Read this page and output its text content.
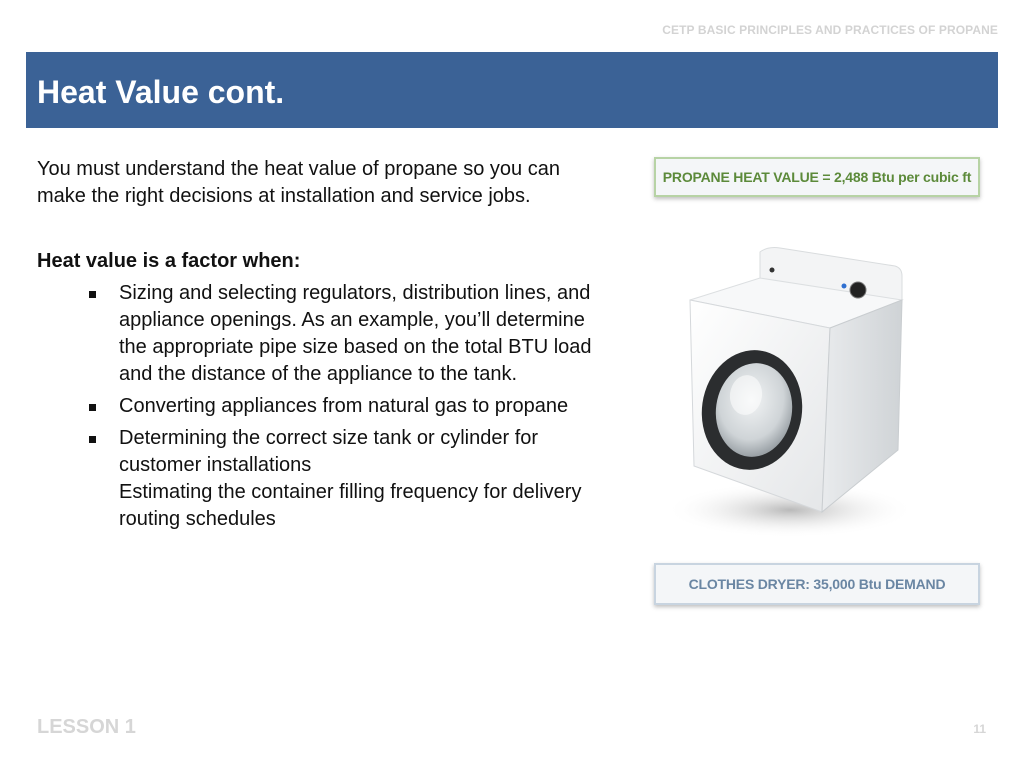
CETP BASIC PRINCIPLES AND PRACTICES OF PROPANE
Heat Value cont.

You must understand the heat value of propane so you can make the right decisions at installation and service jobs.

Heat value is a factor when:

Sizing and selecting regulators, distribution lines, and appliance openings. As an example, you’ll determine the appropriate pipe size based on the total BTU load and the distance of the appliance to the tank.
Converting appliances from natural gas to propane
Determining the correct size tank or cylinder for customer installations
Estimating the container filling frequency for delivery routing schedules
PROPANE HEAT VALUE = 2,488 Btu per cubic ft
CLOTHES DRYER: 35,000 Btu DEMAND
LESSON 1	11
